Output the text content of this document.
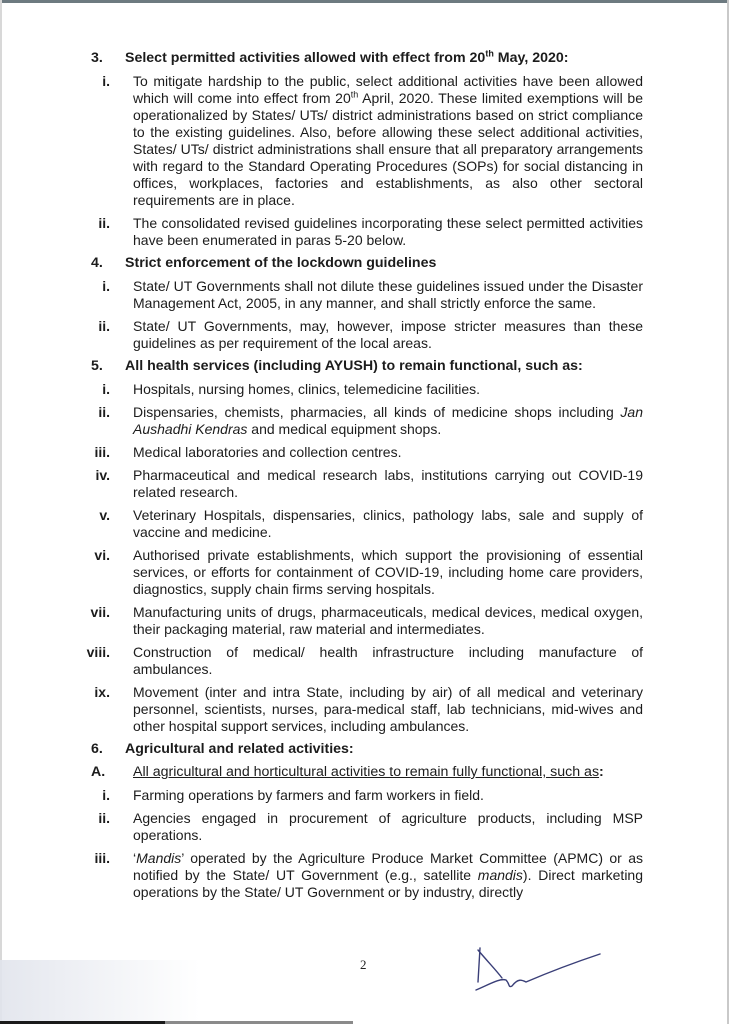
3. Select permitted activities allowed with effect from 20th May, 2020:
i. To mitigate hardship to the public, select additional activities have been allowed which will come into effect from 20th April, 2020. These limited exemptions will be operationalized by States/ UTs/ district administrations based on strict compliance to the existing guidelines. Also, before allowing these select additional activities, States/ UTs/ district administrations shall ensure that all preparatory arrangements with regard to the Standard Operating Procedures (SOPs) for social distancing in offices, workplaces, factories and establishments, as also other sectoral requirements are in place.
ii. The consolidated revised guidelines incorporating these select permitted activities have been enumerated in paras 5-20 below.
4. Strict enforcement of the lockdown guidelines
i. State/ UT Governments shall not dilute these guidelines issued under the Disaster Management Act, 2005, in any manner, and shall strictly enforce the same.
ii. State/ UT Governments, may, however, impose stricter measures than these guidelines as per requirement of the local areas.
5. All health services (including AYUSH) to remain functional, such as:
i. Hospitals, nursing homes, clinics, telemedicine facilities.
ii. Dispensaries, chemists, pharmacies, all kinds of medicine shops including Jan Aushadhi Kendras and medical equipment shops.
iii. Medical laboratories and collection centres.
iv. Pharmaceutical and medical research labs, institutions carrying out COVID-19 related research.
v. Veterinary Hospitals, dispensaries, clinics, pathology labs, sale and supply of vaccine and medicine.
vi. Authorised private establishments, which support the provisioning of essential services, or efforts for containment of COVID-19, including home care providers, diagnostics, supply chain firms serving hospitals.
vii. Manufacturing units of drugs, pharmaceuticals, medical devices, medical oxygen, their packaging material, raw material and intermediates.
viii. Construction of medical/ health infrastructure including manufacture of ambulances.
ix. Movement (inter and intra State, including by air) of all medical and veterinary personnel, scientists, nurses, para-medical staff, lab technicians, mid-wives and other hospital support services, including ambulances.
6. Agricultural and related activities:
A. All agricultural and horticultural activities to remain fully functional, such as:
i. Farming operations by farmers and farm workers in field.
ii. Agencies engaged in procurement of agriculture products, including MSP operations.
iii. ‘Mandis’ operated by the Agriculture Produce Market Committee (APMC) or as notified by the State/ UT Government (e.g., satellite mandis). Direct marketing operations by the State/ UT Government or by industry, directly
2
